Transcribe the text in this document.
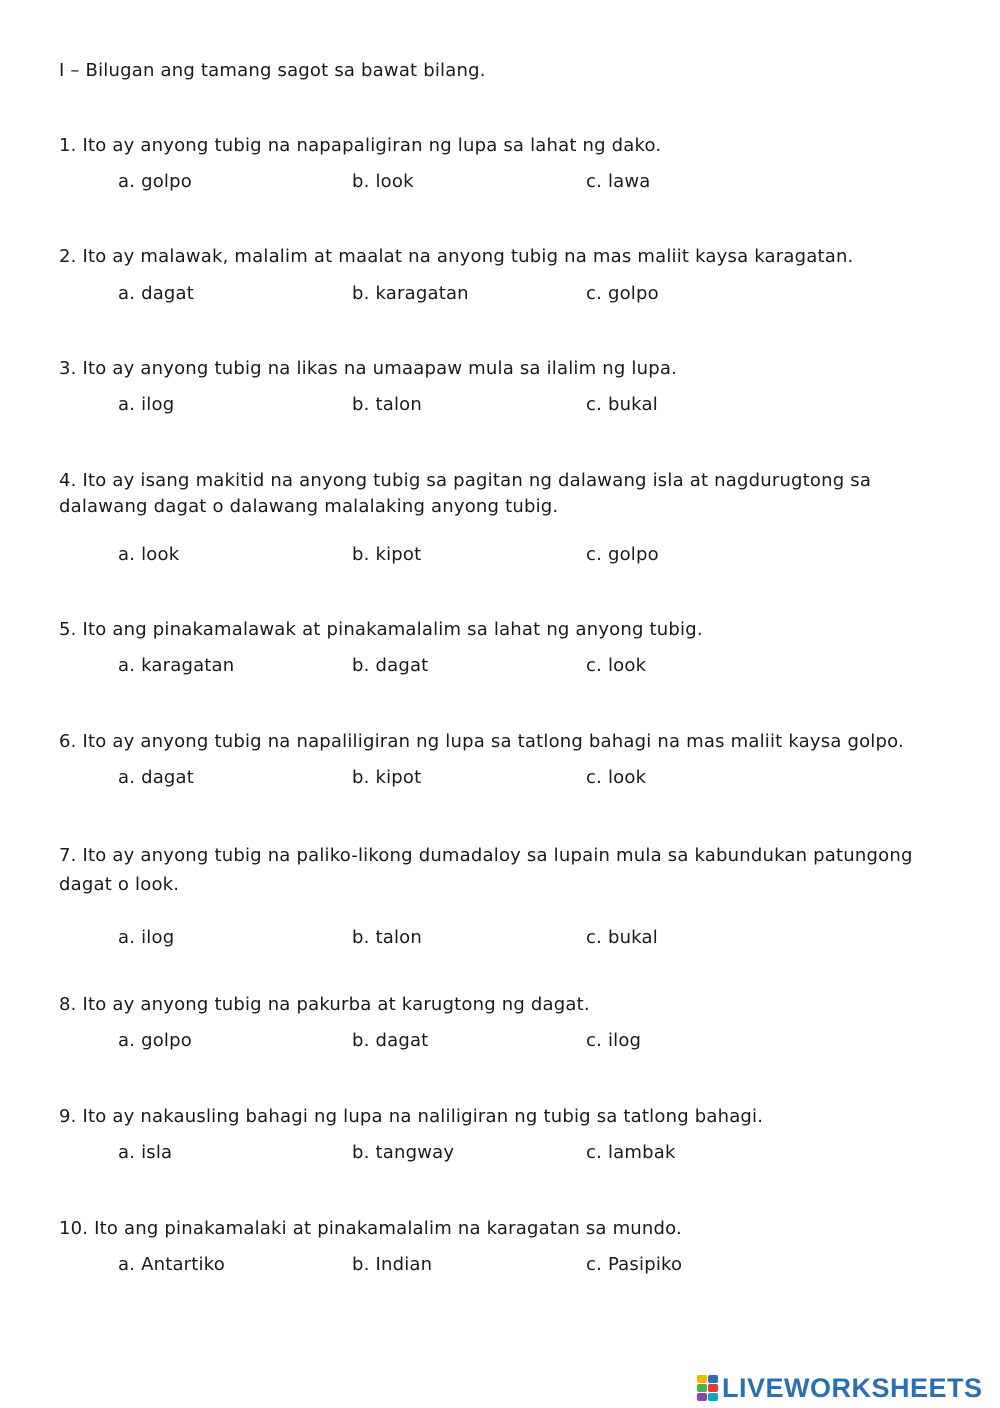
I – Bilugan ang tamang sagot sa bawat bilang.
1. Ito ay anyong tubig na napapaligiran ng lupa sa lahat ng dako.
a. golpo	b. look	c. lawa
2. Ito ay malawak, malalim at maalat na anyong tubig na mas maliit kaysa karagatan.
a. dagat	b. karagatan	c. golpo
3. Ito ay anyong tubig na likas na umaapaw mula sa ilalim ng lupa.
a. ilog	b. talon	c. bukal
4. Ito ay isang makitid na anyong tubig sa pagitan ng dalawang isla at nagdurugtong sa
dalawang dagat o dalawang malalaking anyong tubig.
a. look	b. kipot	c. golpo
5. Ito ang pinakamalawak at pinakamalalim sa lahat ng anyong tubig.
a. karagatan	b. dagat	c. look
6. Ito ay anyong tubig na napaliligiran ng lupa sa tatlong bahagi na mas maliit kaysa golpo.
a. dagat	b. kipot	c. look
7. Ito ay anyong tubig na paliko-likong dumadaloy sa lupain mula sa kabundukan patungong
dagat o look.
a. ilog	b. talon	c. bukal
8. Ito ay anyong tubig na pakurba at karugtong ng dagat.
a. golpo	b. dagat	c. ilog
9. Ito ay nakausling bahagi ng lupa na naliligiran ng tubig sa tatlong bahagi.
a. isla	b. tangway	c. lambak
10. Ito ang pinakamalaki at pinakamalalim na karagatan sa mundo.
a. Antartiko	b. Indian	c. Pasipiko
LIVEWORKSHEETS
